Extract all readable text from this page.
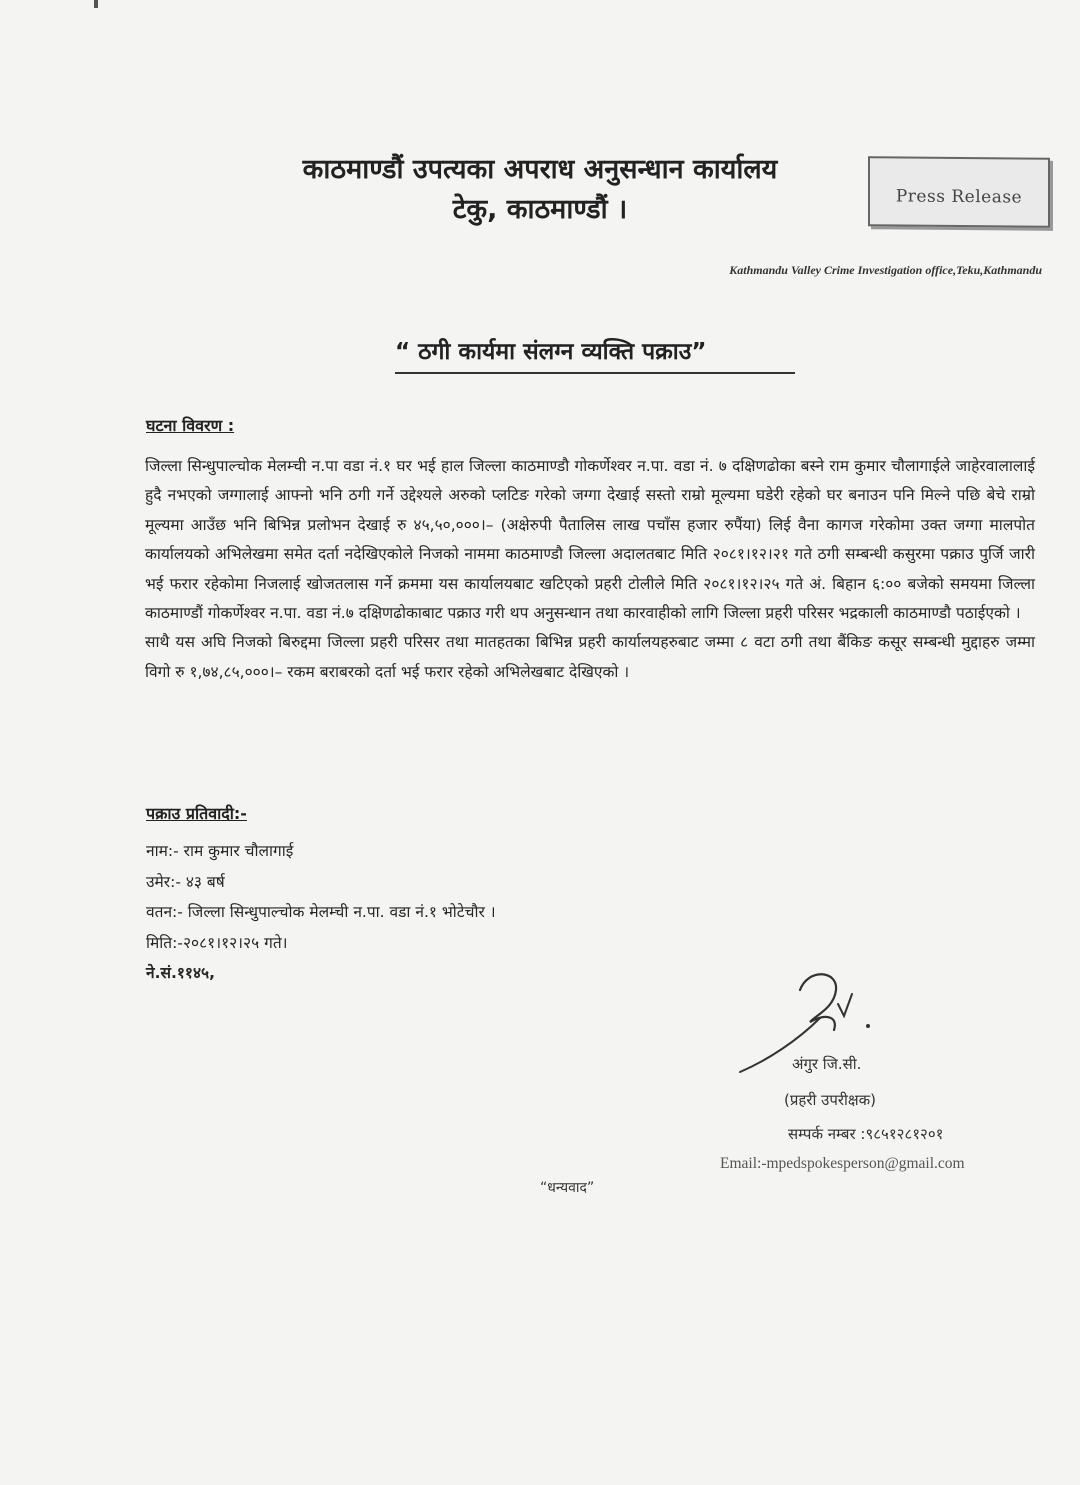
काठमाण्डौं उपत्यका अपराध अनुसन्धान कार्यालय
टेकु, काठमाण्डौं ।	Press Release
Kathmandu Valley Crime Investigation office,Teku,Kathmandu
“ ठगी कार्यमा संलग्न व्यक्ति पक्राउ”
घटना विवरण :

जिल्ला सिन्धुपाल्चोक मेलम्ची न.पा वडा नं.१ घर भई हाल जिल्ला काठमाण्डौ गोकर्णेश्वर न.पा. वडा नं. ७ दक्षिणढोका बस्ने राम कुमार चौलागाईले जाहेरवालालाई हुदै नभएको जग्गालाई आफ्नो भनि ठगी गर्ने उद्देश्यले अरुको प्लटिङ गरेको जग्गा देखाई सस्तो राम्रो मूल्यमा घडेरी रहेको घर बनाउन पनि मिल्ने पछि बेचे राम्रो मूल्यमा आउँछ भनि बिभिन्न प्रलोभन देखाई रु ४५,५०,०००।– (अक्षेरुपी पैतालिस लाख पचाँस हजार रुपैंया) लिई वैना कागज गरेकोमा उक्त जग्गा मालपोत कार्यालयको अभिलेखमा समेत दर्ता नदेखिएकोले निजको नाममा काठमाण्डौ जिल्ला अदालतबाट मिति २०८१।१२।२१ गते ठगी सम्बन्धी कसुरमा पक्राउ पुर्जि जारी भई फरार रहेकोमा निजलाई खोजतलास गर्ने क्रममा यस कार्यालयबाट खटिएको प्रहरी टोलीले मिति २०८१।१२।२५ गते अं. बिहान ६:०० बजेको समयमा जिल्ला काठमाण्डौं गोकर्णेश्वर न.पा. वडा नं.७ दक्षिणढोकाबाट पक्राउ गरी थप अनुसन्धान तथा कारवाहीको लागि जिल्ला प्रहरी परिसर भद्रकाली काठमाण्डौ पठाईएको ।

साथै यस अघि निजको बिरुद्दमा जिल्ला प्रहरी परिसर तथा मातहतका बिभिन्न प्रहरी कार्यालयहरुबाट जम्मा ८ वटा ठगी तथा बैंकिङ कसूर सम्बन्धी मुद्दाहरु जम्मा विगो रु १,७४,८५,०००।– रकम बराबरको दर्ता भई फरार रहेको अभिलेखबाट देखिएको ।

पक्राउ प्रतिवादी:-
नाम:- राम कुमार चौलागाई
उमेर:- ४३ बर्ष
वतन:- जिल्ला सिन्धुपाल्चोक मेलम्ची न.पा. वडा नं.१ भोटेचौर ।
मिति:-२०८१।१२।२५ गते।
ने.सं.११४५,
अंगुर जि.सी.
(प्रहरी उपरीक्षक)
सम्पर्क नम्बर :९८५१२८१२०१
Email:-mpedspokesperson@gmail.com
“धन्यवाद”
